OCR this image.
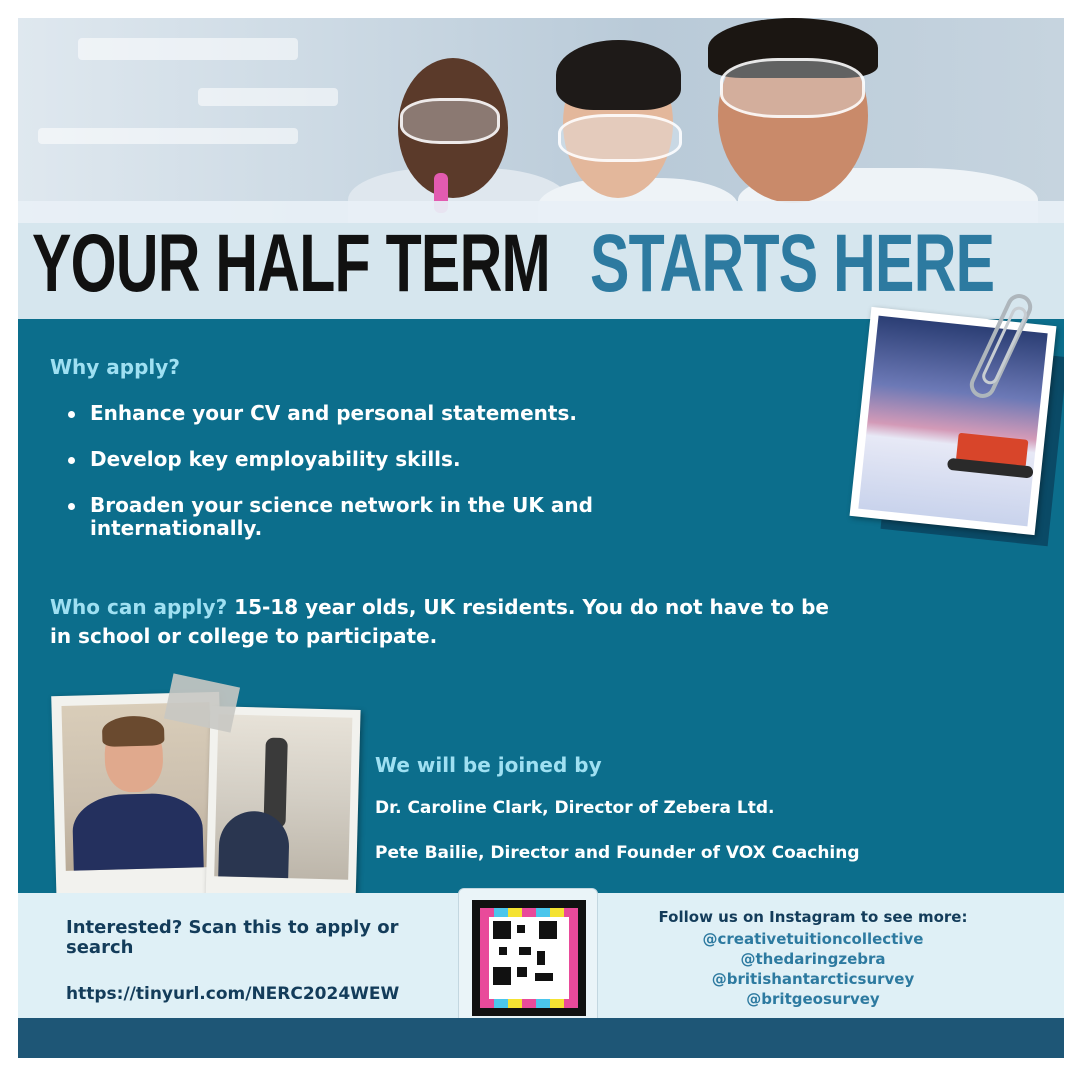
YOUR HALF TERM STARTS HERE
Why apply?
Enhance your CV and personal statements.
Develop key employability skills.
Broaden your science network in the UK and internationally.
Who can apply? 15-18 year olds, UK residents. You do not have to be in school or college to participate.
We will be joined by
Dr. Caroline Clark, Director of Zebera Ltd.
Pete Bailie, Director and Founder of VOX Coaching
Interested? Scan this to apply or search
https://tinyurl.com/NERC2024WEW
Follow us on Instagram to see more:
@creativetuitioncollective
@thedaringzebra
@britishantarcticsurvey
@britgeosurvey
